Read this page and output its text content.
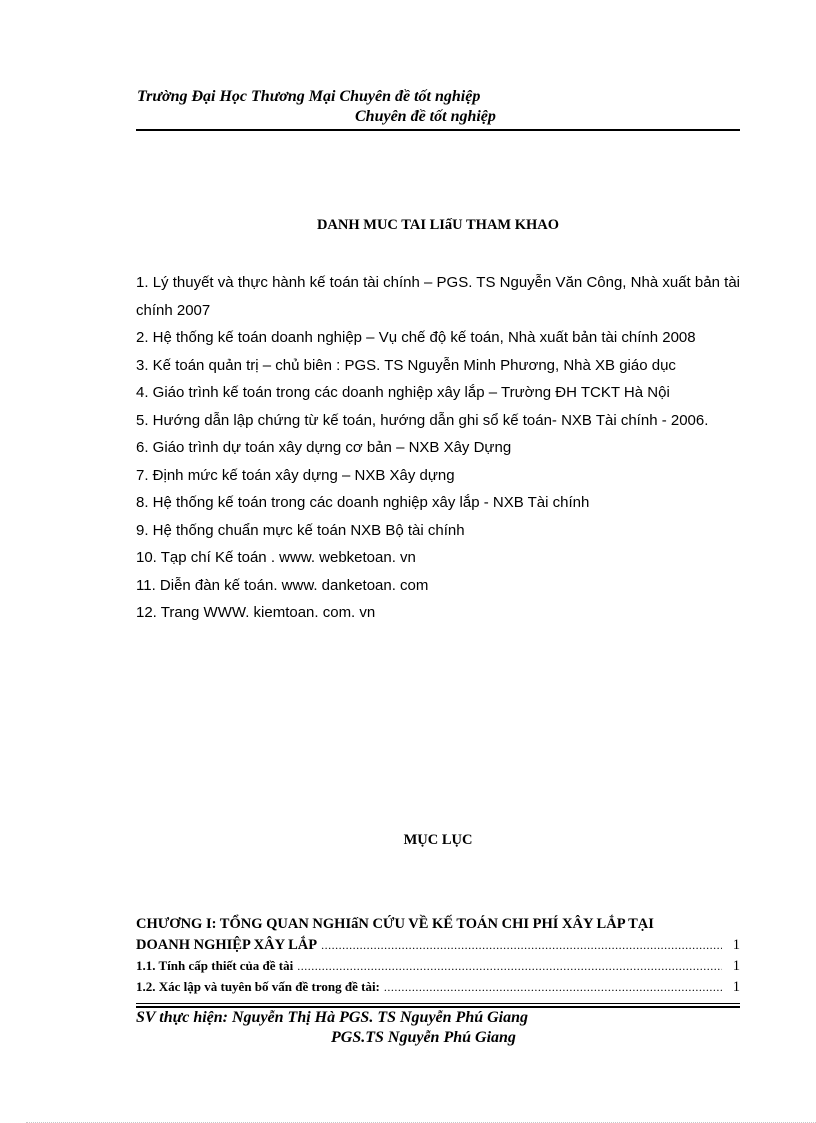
Trường Đại Học Thương Mại Chuyên đề tốt nghiệp
Chuyên đề tốt nghiệp
DANH MUC TAI LIấU THAM KHAO

1. Lý thuyết và thực hành kế toán tài chính – PGS. TS Nguyễn Văn Công, Nhà xuất bản tài chính 2007

2. Hệ thống kế toán doanh nghiệp – Vụ chế độ kế toán, Nhà xuất bản tài chính 2008

3. Kế toán quản trị – chủ biên : PGS. TS Nguyễn Minh Phương, Nhà XB giáo dục

4. Giáo trình kế toán trong các doanh nghiệp xây lắp – Trường ĐH TCKT Hà Nội

5. Hướng dẫn lập chứng từ kế toán, hướng dẫn ghi sổ kế toán- NXB Tài chính - 2006.

6. Giáo trình dự toán xây dựng cơ bản – NXB Xây Dựng

7. Định mức kế toán xây dựng – NXB Xây dựng

8. Hệ thống kế toán trong các doanh nghiệp xây lắp - NXB Tài chính

9. Hệ thống chuẩn mực kế toán NXB Bộ tài chính

10. Tạp chí Kế toán . www. webketoan. vn

11. Diễn đàn kế toán. www. danketoan. com

12. Trang WWW. kiemtoan. com. vn

MỤC LỤC
CHƯƠNG I: TỔNG QUAN NGHIấN CỨU VỀ KẾ TOÁN CHI PHÍ XÂY LẮP TẠI
DOANH NGHIỆP XÂY LẮP .....	1
1.1. Tính cấp thiết của đề tài .....	1
1.2. Xác lập và tuyên bố vấn đề trong đề tài: .....	1
SV thực hiện: Nguyễn Thị Hà PGS. TS Nguyễn Phú Giang
PGS.TS Nguyễn Phú Giang
